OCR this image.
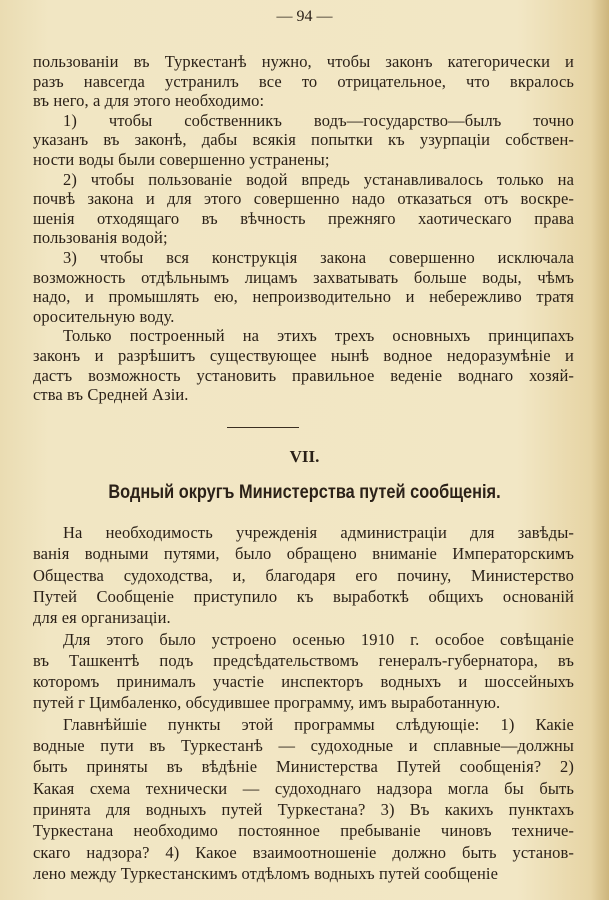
— 94 —
пользованіи въ Туркестанѣ нужно, чтобы законъ категорически и
разъ навсегда устранилъ все то отрицательное, что вкралось
въ него, а для этого необходимо:
1) чтобы собственникъ водъ—государство—былъ точно
указанъ въ законѣ, дабы всякія попытки къ узурпаціи собствен-
ности воды были совершенно устранены;
2) чтобы пользованіе водой впредь устанавливалось только на
почвѣ закона и для этого совершенно надо отказаться отъ воскре-
шенія отходящаго въ вѣчность прежняго хаотическаго права
пользованія водой;
3) чтобы вся конструкція закона совершенно исключала
возможность отдѣльнымъ лицамъ захватывать больше воды, чѣмъ
надо, и промышлять ею, непроизводительно и небережливо тратя
оросительную воду.
Только построенный на этихъ трехъ основныхъ принципахъ
законъ и разрѣшитъ существующее нынѣ водное недоразумѣніе и
дастъ возможность установить правильное веденіе воднаго хозяй-
ства въ Средней Азіи.
VII.
Водный округъ Министерства путей сообщенія.
На необходимость учрежденія администраціи для завѣды-
ванія водными путями, было обращено вниманіе Императорскимъ
Общества судоходства, и, благодаря его почину, Министерство
Путей Сообщеніе приступило къ выработкѣ общихъ основаній
для ея организаціи.
Для этого было устроено осенью 1910 г. особое совѣщаніе
въ Ташкентѣ подъ предсѣдательствомъ генералъ-губернатора, въ
которомъ принималъ участіе инспекторъ водныхъ и шоссейныхъ
путей г Цимбаленко, обсудившее программу, имъ выработанную.
Главнѣйшіе пункты этой программы слѣдующіе: 1) Какіе
водные пути въ Туркестанѣ — судоходные и сплавные—должны
быть приняты въ вѣдѣніе Министерства Путей сообщенія? 2)
Какая схема технически — судоходнаго надзора могла бы быть
принята для водныхъ путей Туркестана? 3) Въ какихъ пунктахъ
Туркестана необходимо постоянное пребываніе чиновъ техниче-
скаго надзора? 4) Какое взаимоотношеніе должно быть установ-
лено между Туркестанскимъ отдѣломъ водныхъ путей сообщеніе
